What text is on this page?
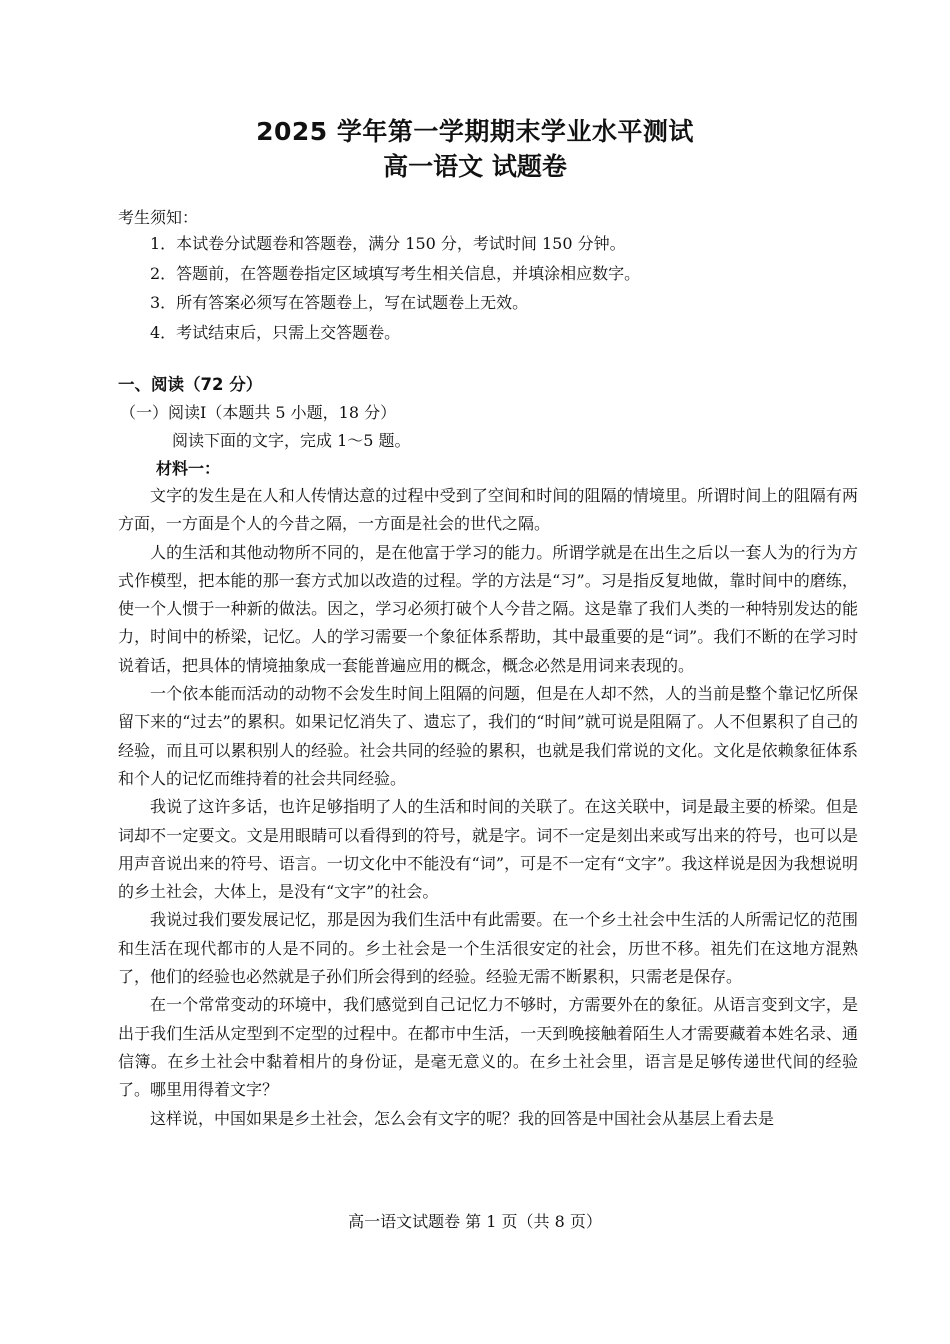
2025 学年第一学期期末学业水平测试
高一语文 试题卷
考生须知：
1．本试卷分试题卷和答题卷，满分 150 分，考试时间 150 分钟。
2．答题前，在答题卷指定区域填写考生相关信息，并填涂相应数字。
3．所有答案必须写在答题卷上，写在试题卷上无效。
4．考试结束后，只需上交答题卷。
一、阅读（72 分）
（一）阅读Ⅰ（本题共 5 小题，18 分）
阅读下面的文字，完成 1～5 题。
材料一：

文字的发生是在人和人传情达意的过程中受到了空间和时间的阻隔的情境里。所谓时间上的阻隔有两方面，一方面是个人的今昔之隔，一方面是社会的世代之隔。

人的生活和其他动物所不同的，是在他富于学习的能力。所谓学就是在出生之后以一套人为的行为方式作模型，把本能的那一套方式加以改造的过程。学的方法是“习”。习是指反复地做，靠时间中的磨练，使一个人惯于一种新的做法。因之，学习必须打破个人今昔之隔。这是靠了我们人类的一种特别发达的能力，时间中的桥梁，记忆。人的学习需要一个象征体系帮助，其中最重要的是“词”。我们不断的在学习时说着话，把具体的情境抽象成一套能普遍应用的概念，概念必然是用词来表现的。

一个依本能而活动的动物不会发生时间上阻隔的问题，但是在人却不然，人的当前是整个靠记忆所保留下来的“过去”的累积。如果记忆消失了、遗忘了，我们的“时间”就可说是阻隔了。人不但累积了自己的经验，而且可以累积别人的经验。社会共同的经验的累积，也就是我们常说的文化。文化是依赖象征体系和个人的记忆而维持着的社会共同经验。

我说了这许多话，也许足够指明了人的生活和时间的关联了。在这关联中，词是最主要的桥梁。但是词却不一定要文。文是用眼睛可以看得到的符号，就是字。词不一定是刻出来或写出来的符号，也可以是用声音说出来的符号、语言。一切文化中不能没有“词”，可是不一定有“文字”。我这样说是因为我想说明的乡土社会，大体上，是没有“文字”的社会。

我说过我们要发展记忆，那是因为我们生活中有此需要。在一个乡土社会中生活的人所需记忆的范围和生活在现代都市的人是不同的。乡土社会是一个生活很安定的社会，历世不移。祖先们在这地方混熟了，他们的经验也必然就是子孙们所会得到的经验。经验无需不断累积，只需老是保存。

在一个常常变动的环境中，我们感觉到自己记忆力不够时，方需要外在的象征。从语言变到文字，是出于我们生活从定型到不定型的过程中。在都市中生活，一天到晚接触着陌生人才需要藏着本姓名录、通信簿。在乡土社会中黏着相片的身份证，是毫无意义的。在乡土社会里，语言是足够传递世代间的经验了。哪里用得着文字？

这样说，中国如果是乡土社会，怎么会有文字的呢？我的回答是中国社会从基层上看去是

高一语文试题卷 第 1 页（共 8 页）
